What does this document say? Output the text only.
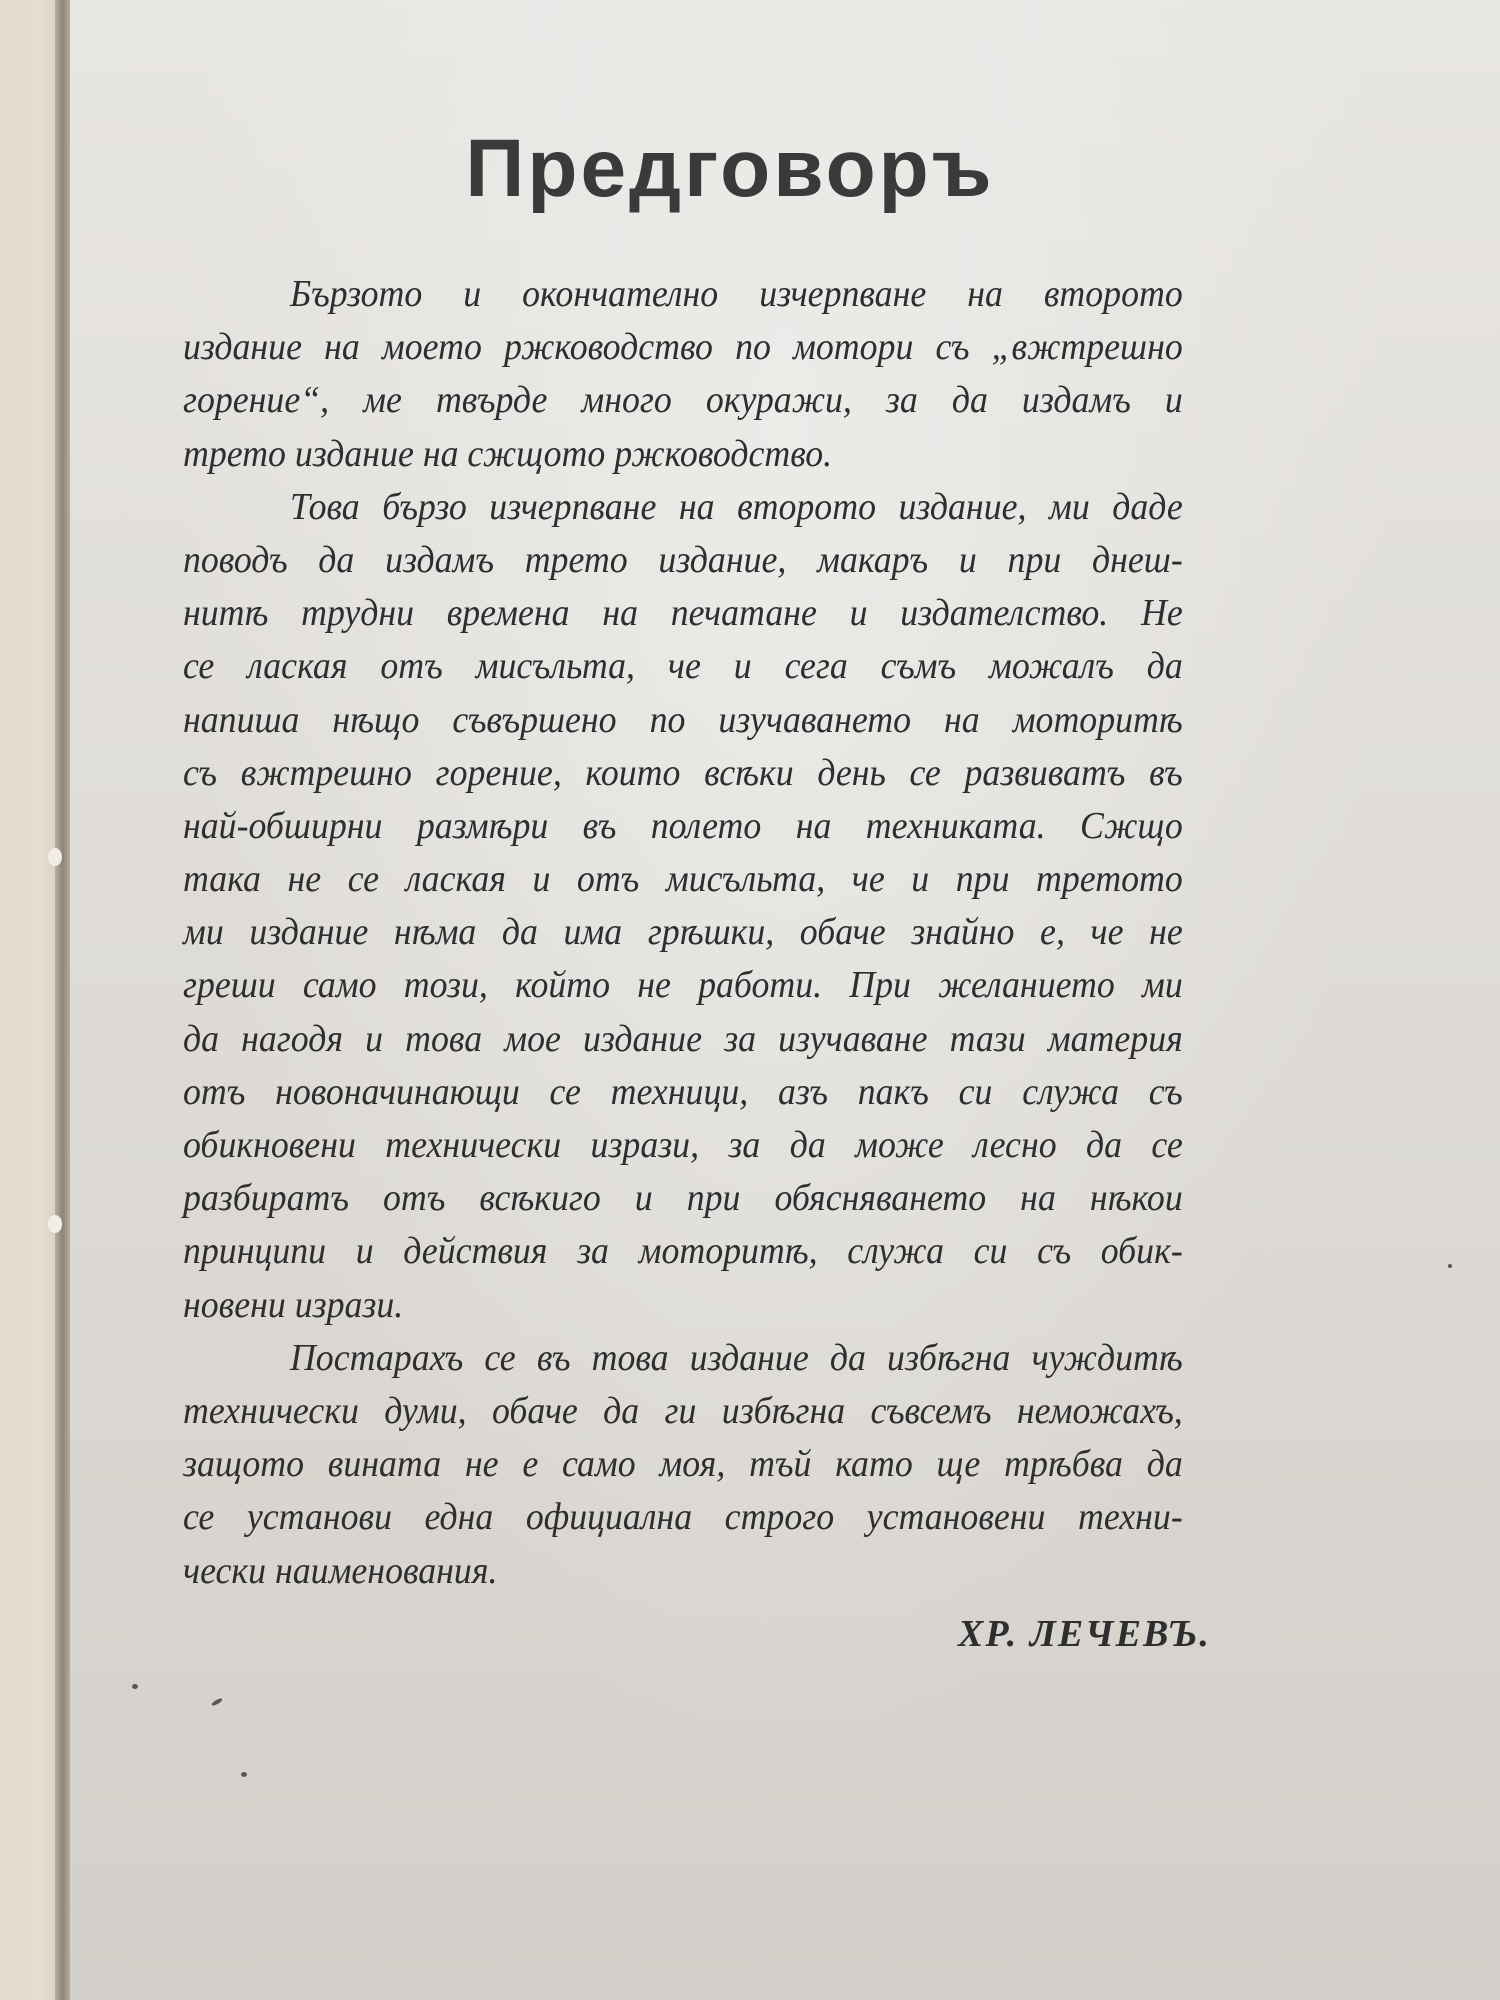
Предговоръ
Бързото и окончателно изчерпване на второто
издание на моето ржководство по мотори съ „вжтрешно
горение“, ме твърде много окуражи, за да издамъ и
трето издание на сжщото ржководство.
Това бързо изчерпване на второто издание, ми даде
поводъ да издамъ трето издание, макаръ и при днеш-
нитѣ трудни времена на печатане и издателство. Не
се лаская отъ мисъльта, че и сега съмъ можалъ да
напиша нѣщо съвършено по изучаването на моторитѣ
съ вжтрешно горение, които всѣки день се развиватъ въ
най-обширни размѣри въ полето на техниката. Сжщо
така не се лаская и отъ мисъльта, че и при третото
ми издание нѣма да има грѣшки, обаче знайно е, че не
греши само този, който не работи. При желанието ми
да нагодя и това мое издание за изучаване тази материя
отъ новоначинающи се техници, азъ пакъ си служа съ
обикновени технически изрази, за да може лесно да се
разбиратъ отъ всѣкиго и при обясняването на нѣкои
принципи и действия за моторитѣ, служа си съ обик-
новени изрази.
Постарахъ се въ това издание да избѣгна чуждитѣ
технически думи, обаче да ги избѣгна съвсемъ неможахъ,
защото вината не е само моя, тъй като ще трѣбва да
се установи една официална строго установени техни-
чески наименования.
ХР. ЛЕЧЕВЪ.
